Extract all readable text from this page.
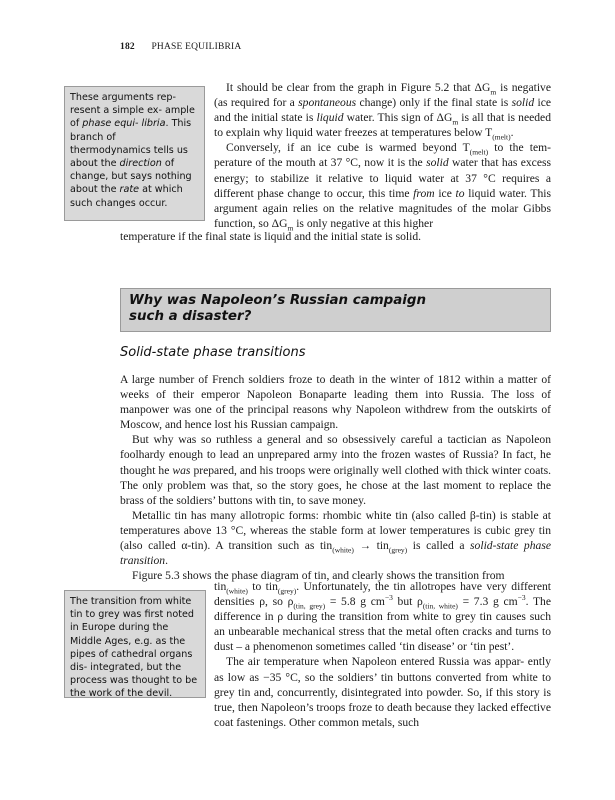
182 PHASE EQUILIBRIA
These arguments rep- resent a simple ex- ample of phase equi- libria. This branch of thermodynamics tells us about the direction of change, but says nothing about the rate at which such changes occur.

It should be clear from the graph in Figure 5.2 that $\Delta G_m$ is negative (as required for a spontaneous change) only if the final state is solid ice and the initial state is liquid water. This sign of $\Delta G_m$ is all that is needed to explain why liquid water freezes at temperatures below $T_{(melt)}$.

Conversely, if an ice cube is warmed beyond $T_{(melt)}$ to the tem- perature of the mouth at 37 °C, now it is the solid water that has excess energy; to stabilize it relative to liquid water at 37 °C requires a different phase change to occur, this time from ice to liquid water. This argument again relies on the relative magnitudes of the molar Gibbs function, so $\Delta G_m$ is only negative at this higher

temperature if the final state is liquid and the initial state is solid.
Why was Napoleon’s Russian campaign
such a disaster?
Solid-state phase transitions

A large number of French soldiers froze to death in the winter of 1812 within a matter of weeks of their emperor Napoleon Bonaparte leading them into Russia. The loss of manpower was one of the principal reasons why Napoleon withdrew from the outskirts of Moscow, and hence lost his Russian campaign.

But why was so ruthless a general and so obsessively careful a tactician as Napoleon foolhardy enough to lead an unprepared army into the frozen wastes of Russia? In fact, he thought he was prepared, and his troops were originally well clothed with thick winter coats. The only problem was that, so the story goes, he chose at the last moment to replace the brass of the soldiers’ buttons with tin, to save money.

Metallic tin has many allotropic forms: rhombic white tin (also called β-tin) is stable at temperatures above 13 °C, whereas the stable form at lower temperatures is cubic grey tin (also called α-tin). A transition such as tin$_{(white)}$ → tin$_{(grey)}$ is called a solid-state phase transition.

Figure 5.3 shows the phase diagram of tin, and clearly shows the transition from

The transition from white tin to grey was first noted in Europe during the Middle Ages, e.g. as the pipes of cathedral organs dis- integrated, but the process was thought to be the work of the devil.

tin$_{(white)}$ to tin$_{(grey)}$. Unfortunately, the tin allotropes have very different densities ρ, so $\rho_{(tin, grey)} = 5.8$ g $cm^{-3}$ but $\rho_{(tin, white)} = 7.3$ g $cm^{-3}$. The difference in ρ during the transition from white to grey tin causes such an unbearable mechanical stress that the metal often cracks and turns to dust – a phenomenon sometimes called ‘tin disease’ or ‘tin pest’.

The air temperature when Napoleon entered Russia was appar- ently as low as −35 °C, so the soldiers’ tin buttons converted from white to grey tin and, concurrently, disintegrated into powder. So, if this story is true, then Napoleon’s troops froze to death because they lacked effective coat fastenings. Other common metals, such
